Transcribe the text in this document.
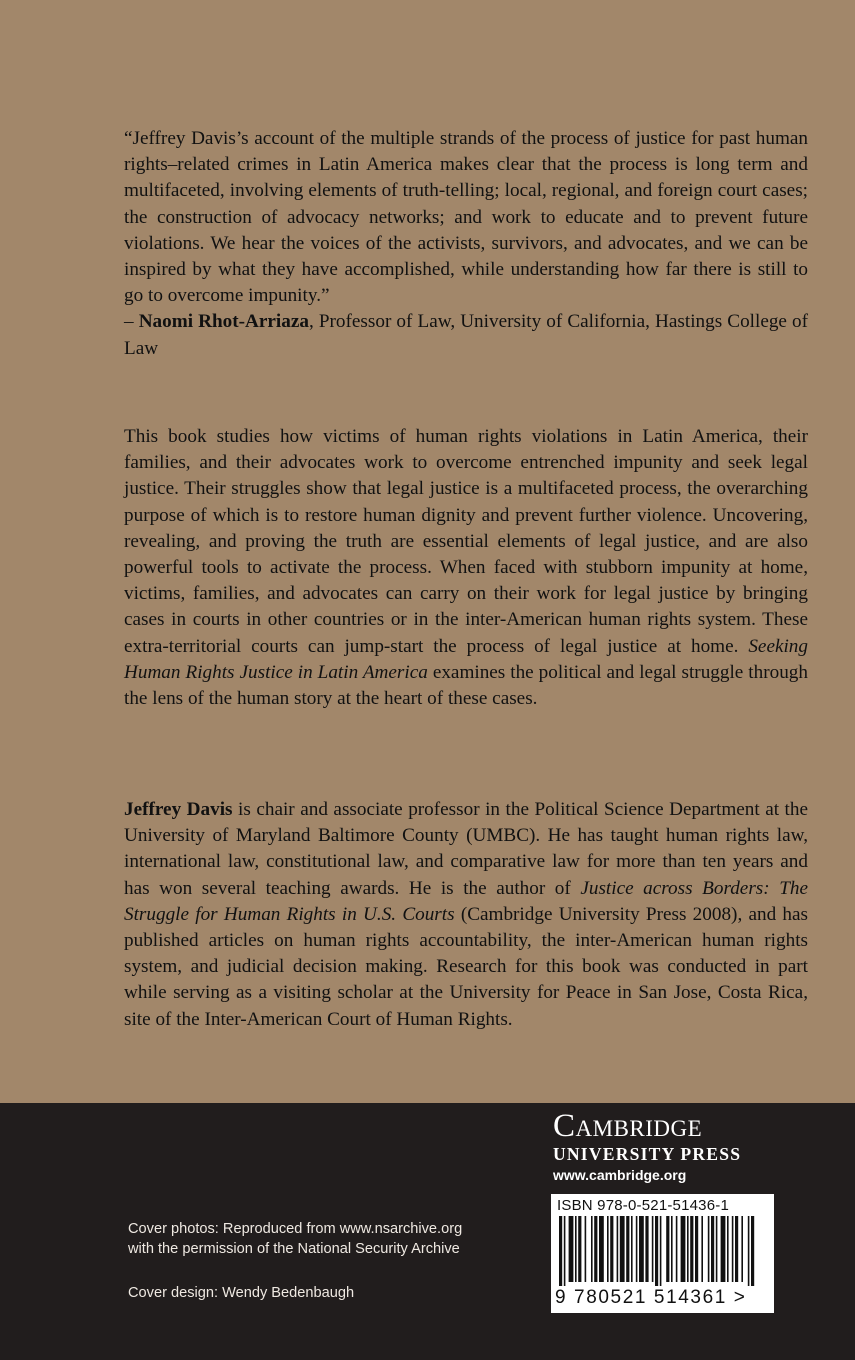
“Jeffrey Davis’s account of the multiple strands of the process of justice for past human rights–related crimes in Latin America makes clear that the process is long term and multifaceted, involving elements of truth-telling; local, regional, and foreign court cases; the construction of advocacy networks; and work to educate and to prevent future violations. We hear the voices of the activists, survivors, and advocates, and we can be inspired by what they have accomplished, while understanding how far there is still to go to overcome impunity.”
– Naomi Rhot-Arriaza, Professor of Law, University of California, Hastings College of Law
This book studies how victims of human rights violations in Latin America, their families, and their advocates work to overcome entrenched impunity and seek legal justice. Their struggles show that legal justice is a multifaceted process, the overarching purpose of which is to restore human dignity and prevent further violence. Uncovering, revealing, and proving the truth are essential elements of legal justice, and are also powerful tools to activate the process. When faced with stubborn impunity at home, victims, families, and advocates can carry on their work for legal justice by bringing cases in courts in other countries or in the inter-American human rights system. These extra-territorial courts can jump-start the process of legal justice at home. Seeking Human Rights Justice in Latin America examines the political and legal struggle through the lens of the human story at the heart of these cases.
Jeffrey Davis is chair and associate professor in the Political Science Department at the University of Maryland Baltimore County (UMBC). He has taught human rights law, international law, constitutional law, and comparative law for more than ten years and has won several teaching awards. He is the author of Justice across Borders: The Struggle for Human Rights in U.S. Courts (Cambridge University Press 2008), and has published articles on human rights accountability, the inter-American human rights system, and judicial decision making. Research for this book was conducted in part while serving as a visiting scholar at the University for Peace in San Jose, Costa Rica, site of the Inter-American Court of Human Rights.
Cover photos: Reproduced from www.nsarchive.org
with the permission of the National Security Archive
Cover design: Wendy Bedenbaugh
Cambridge
UNIVERSITY PRESS
www.cambridge.org
ISBN 978-0-521-51436-1
9 780521 514361 >
